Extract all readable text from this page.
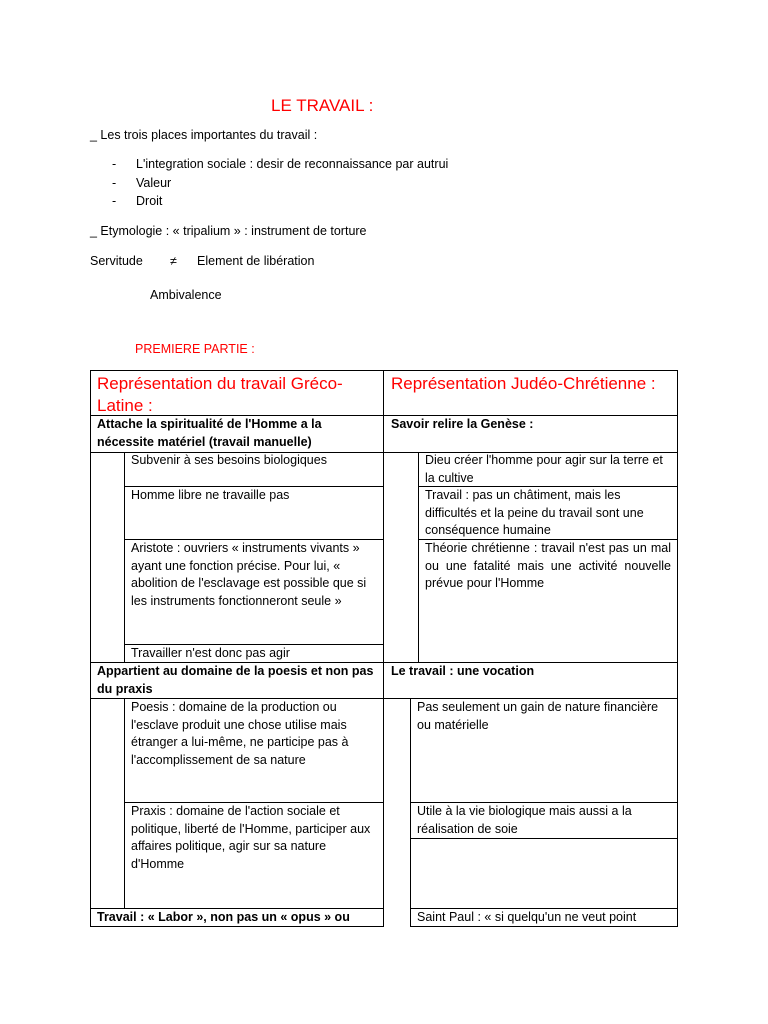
LE TRAVAIL :
_ Les trois places importantes du travail :
- L'integration sociale : desir de reconnaissance par autrui
- Valeur
- Droit
_ Etymologie : « tripalium » : instrument de torture
Servitude ≠ Element de libération
Ambivalence
PREMIERE PARTIE :
Représentation du travail Gréco-Latine :
Représentation Judéo-Chrétienne :
Attache la spiritualité de l'Homme a la nécessite matériel (travail manuelle)
Savoir relire la Genèse :
Subvenir à ses besoins biologiques
Homme libre ne travaille pas
Aristote : ouvriers « instruments vivants » ayant une fonction précise. Pour lui, « abolition de l'esclavage est possible que si les instruments fonctionneront seule »
Travailler n'est donc pas agir
Dieu créer l'homme pour agir sur la terre et la cultive
Travail : pas un châtiment, mais les difficultés et la peine du travail sont une conséquence humaine
Théorie chrétienne : travail n'est pas un mal ou une fatalité mais une activité nouvelle prévue pour l'Homme
Appartient au domaine de la poesis et non pas du praxis
Le travail : une vocation
Poesis : domaine de la production ou l'esclave produit une chose utilise mais étranger a lui-même, ne participe pas à l'accomplissement de sa nature
Praxis : domaine de l'action sociale et politique, liberté de l'Homme, participer aux affaires politique, agir sur sa nature d'Homme
Pas seulement un gain de nature financière ou matérielle
Utile à la vie biologique mais aussi a la réalisation de soie
Travail : « Labor », non pas un « opus » ou	Saint Paul : « si quelqu'un ne veut point
